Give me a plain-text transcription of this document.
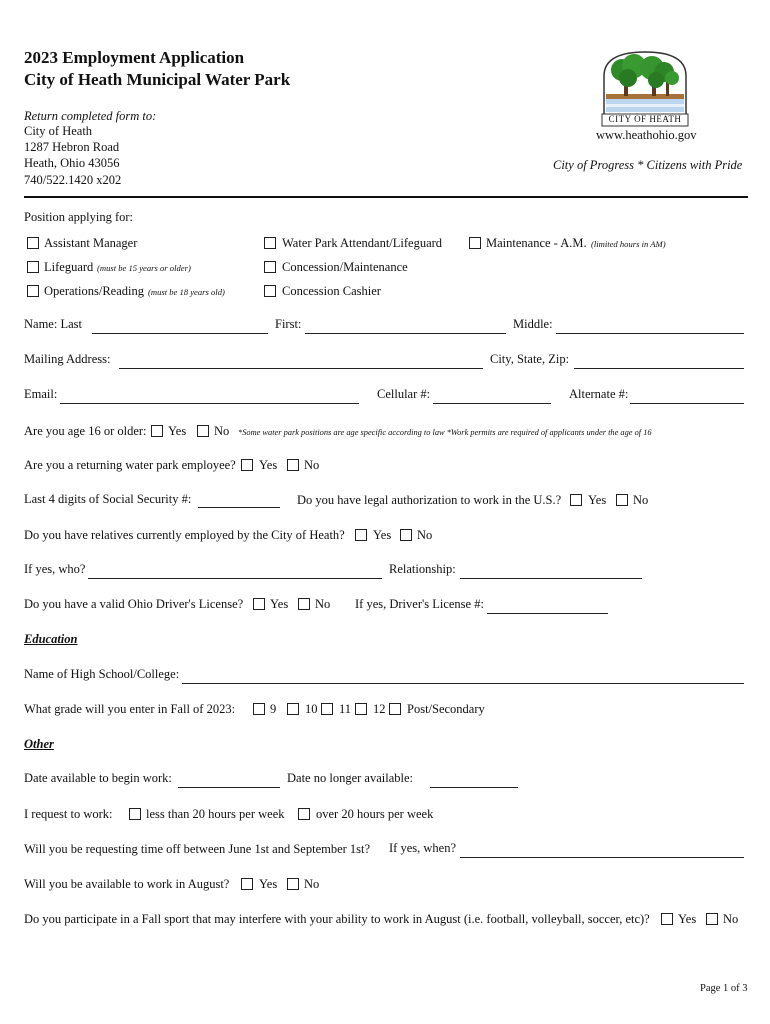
2023 Employment Application
City of Heath Municipal Water Park
Return completed form to:
City of Heath
1287 Hebron Road
Heath, Ohio 43056
740/522.1420 x202
CITY OF HEATH
www.heathohio.gov
City of Progress * Citizens with Pride
Position applying for:
Assistant Manager	Water Park Attendant/Lifeguard	Maintenance - A.M. (limited hours in AM)
Lifeguard (must be 15 years or older)	Concession/Maintenance
Operations/Reading (must be 18 years old)	Concession Cashier
Name: Last	First:	Middle:
Mailing Address:	City, State, Zip:
Email:	Cellular #:	Alternate #:
Are you age 16 or older: Yes No *Some water park positions are age specific according to law *Work permits are required of applicants under the age of 16
Are you a returning water park employee? Yes No
Last 4 digits of Social Security #:	Do you have legal authorization to work in the U.S.? Yes No
Do you have relatives currently employed by the City of Heath? Yes No
If yes, who?	Relationship:
Do you have a valid Ohio Driver's License? Yes No If yes, Driver's License #:
Education
Name of High School/College:
What grade will you enter in Fall of 2023:	9 10 11 12 Post/Secondary
Other
Date available to begin work:	Date no longer available:
I request to work:	less than 20 hours per week	over 20 hours per week
Will you be requesting time off between June 1st and September 1st? If yes, when?
Will you be available to work in August? Yes No
Do you participate in a Fall sport that may interfere with your ability to work in August (i.e. football, volleyball, soccer, etc)? Yes No
Page 1 of 3
